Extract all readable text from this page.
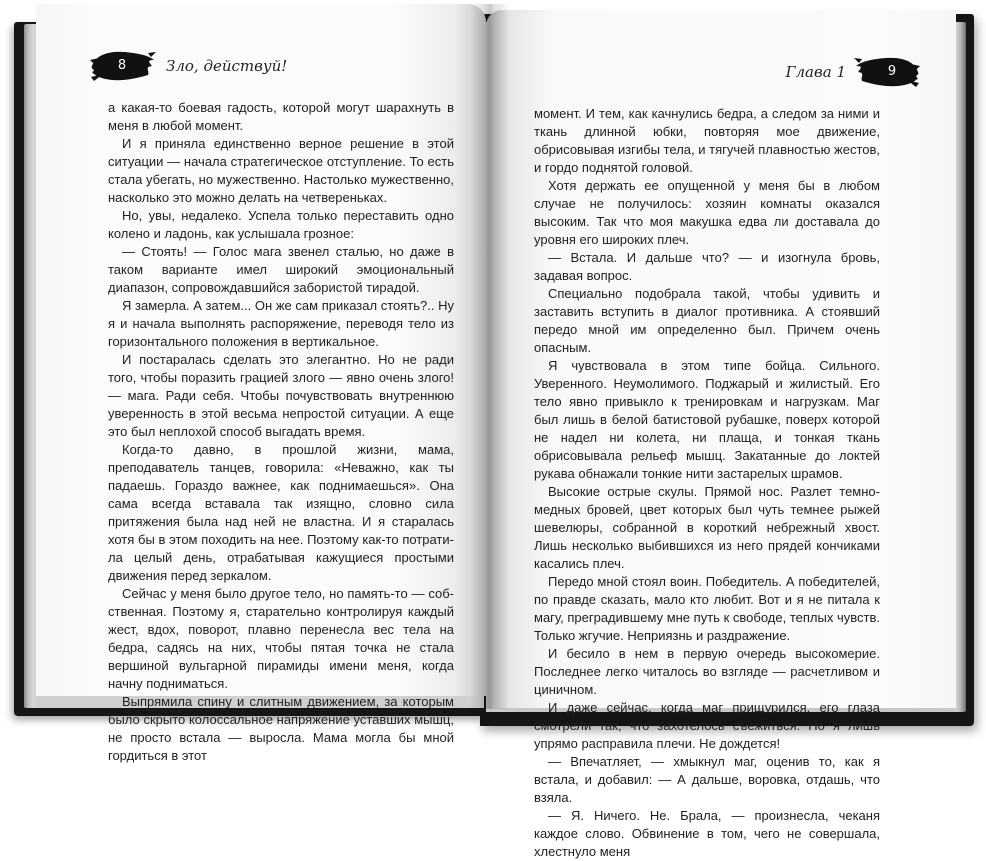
8	Зло, действуй!

а какая-то боевая гадость, которой могут шарахнуть в меня в любой момент.

И я приняла единственно верное решение в этой ситуации — начала стратегическое отступление. То есть стала убегать, но мужественно. Настолько мужественно, насколько это можно делать на четвереньках.

Но, увы, недалеко. Успела только переставить одно колено и ладонь, как услышала грозное:

— Стоять! — Голос мага звенел сталью, но даже в таком варианте имел широкий эмоциональный диапазон, сопровождавшийся забористой тирадой.

Я замерла. А затем... Он же сам приказал стоять?.. Ну я и начала выполнять распоряжение, переводя тело из горизонтального положения в вертикальное.

И постаралась сделать это элегантно. Но не ради того, чтобы поразить грацией злого — явно очень злого! — мага. Ради себя. Чтобы почувствовать внутреннюю уверенность в этой весьма непростой ситуации. А еще это был неплохой способ выгадать время.

Когда-то давно, в прошлой жизни, мама, преподаватель танцев, говорила: «Неважно, как ты падаешь. Гораздо важнее, как поднимаешься». Она сама всегда вставала так изящно, словно сила притяжения была над ней не властна. И я старалась хотя бы в этом походить на нее. Поэтому как-то потратила целый день, отрабатывая кажущиеся простыми движения перед зеркалом.

Сейчас у меня было другое тело, но память-то — собственная. Поэтому я, старательно контролируя каждый жест, вдох, поворот, плавно перенесла вес тела на бедра, садясь на них, чтобы пятая точка не стала вершиной вульгарной пирамиды имени меня, когда начну подниматься.

Выпрямила спину и слитным движением, за которым было скрыто колоссальное напряжение уставших мышц, не просто встала — выросла. Мама могла бы мной гордиться в этот

9
Глава 1

момент. И тем, как качнулись бедра, а следом за ними и ткань длинной юбки, повторяя мое движение, обрисовывая изгибы тела, и тягучей плавностью жестов, и гордо поднятой головой.

Хотя держать ее опущенной у меня бы в любом случае не получилось: хозяин комнаты оказался высоким. Так что моя макушка едва ли доставала до уровня его широких плеч.

— Встала. И дальше что? — и изогнула бровь, задавая вопрос.

Специально подобрала такой, чтобы удивить и заставить вступить в диалог противника. А стоявший передо мной им определенно был. Причем очень опасным.

Я чувствовала в этом типе бойца. Сильного. Уверенного. Неумолимого. Поджарый и жилистый. Его тело явно привыкло к тренировкам и нагрузкам. Маг был лишь в белой батистовой рубашке, поверх которой не надел ни колета, ни плаща, и тонкая ткань обрисовывала рельеф мышц. Закатанные до локтей рукава обнажали тонкие нити застарелых шрамов.

Высокие острые скулы. Прямой нос. Разлет темно-медных бровей, цвет которых был чуть темнее рыжей шевелюры, собранной в короткий небрежный хвост. Лишь несколько выбившихся из него прядей кончиками касались плеч.

Передо мной стоял воин. Победитель. А победителей, по правде сказать, мало кто любит. Вот и я не питала к магу, преградившему мне путь к свободе, теплых чувств. Только жгучие. Неприязнь и раздражение.

И бесило в нем в первую очередь высокомерие. Последнее легко читалось во взгляде — расчетливом и циничном.

И даже сейчас, когда маг прищурился, его глаза смотрели так, что захотелось съежиться. Но я лишь упрямо расправила плечи. Не дождется!

— Впечатляет, — хмыкнул маг, оценив то, как я встала, и добавил: — А дальше, воровка, отдашь, что взяла.

— Я. Ничего. Не. Брала, — произнесла, чеканя каждое слово. Обвинение в том, чего не совершала, хлестнуло меня
